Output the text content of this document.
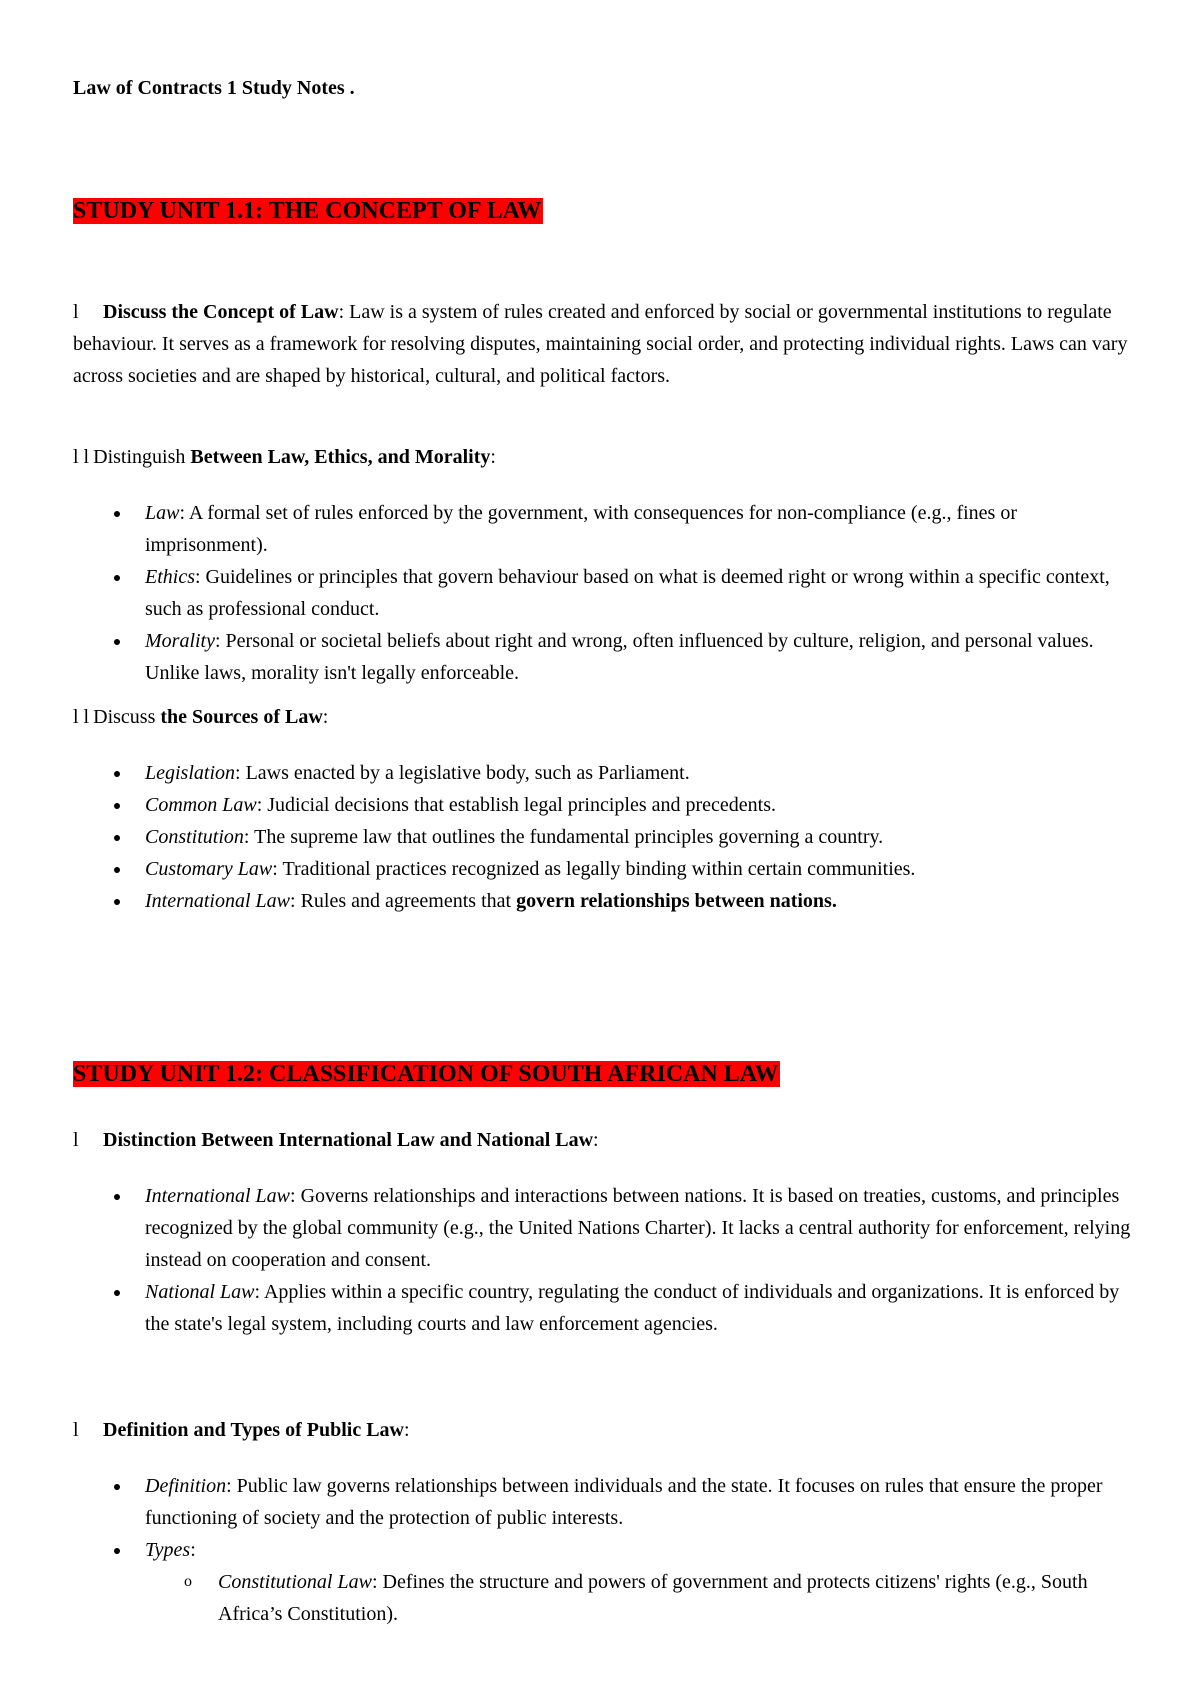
Law of Contracts 1 Study Notes .

STUDY UNIT 1.1: THE CONCEPT OF LAW

l Discuss the Concept of Law: Law is a system of rules created and enforced by social or governmental institutions to regulate behaviour. It serves as a framework for resolving disputes, maintaining social order, and protecting individual rights. Laws can vary across societies and are shaped by historical, cultural, and political factors.

l l Distinguish Between Law, Ethics, and Morality:

Law: A formal set of rules enforced by the government, with consequences for non-compliance (e.g., fines or imprisonment).
Ethics: Guidelines or principles that govern behaviour based on what is deemed right or wrong within a specific context, such as professional conduct.
Morality: Personal or societal beliefs about right and wrong, often influenced by culture, religion, and personal values. Unlike laws, morality isn't legally enforceable.

l l Discuss the Sources of Law:

Legislation: Laws enacted by a legislative body, such as Parliament.
Common Law: Judicial decisions that establish legal principles and precedents.
Constitution: The supreme law that outlines the fundamental principles governing a country.
Customary Law: Traditional practices recognized as legally binding within certain communities.
International Law: Rules and agreements that govern relationships between nations.
STUDY UNIT 1.2: CLASSIFICATION OF SOUTH AFRICAN LAW

l Distinction Between International Law and National Law:

International Law: Governs relationships and interactions between nations. It is based on treaties, customs, and principles recognized by the global community (e.g., the United Nations Charter). It lacks a central authority for enforcement, relying instead on cooperation and consent.
National Law: Applies within a specific country, regulating the conduct of individuals and organizations. It is enforced by the state's legal system, including courts and law enforcement agencies.

l Definition and Types of Public Law:

Definition: Public law governs relationships between individuals and the state. It focuses on rules that ensure the proper functioning of society and the protection of public interests.
Types:
o Constitutional Law: Defines the structure and powers of government and protects citizens' rights (e.g., South Africa’s Constitution).
